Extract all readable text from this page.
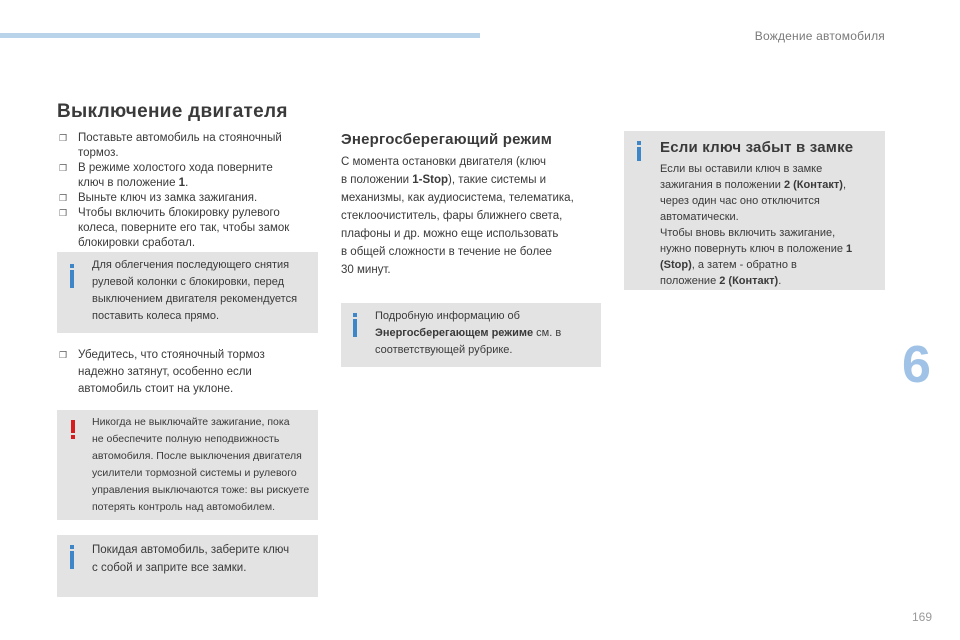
Вождение автомобиля
6
169
Выключение двигателя
❒ Поставьте автомобиль на стояночный
тормоз.
❒ В режиме холостого хода поверните
ключ в положение 1.
❒ Выньте ключ из замка зажигания.
❒ Чтобы включить блокировку рулевого
колеса, поверните его так, чтобы замок
блокировки сработал.
Для облегчения последующего снятия
рулевой колонки с блокировки, перед
выключением двигателя рекомендуется
поставить колеса прямо.
❒ Убедитесь, что стояночный тормоз
надежно затянут, особенно если
автомобиль стоит на уклоне.
Никогда не выключайте зажигание, пока
не обеспечите полную неподвижность
автомобиля. После выключения двигателя
усилители тормозной системы и рулевого
управления выключаются тоже: вы рискуете
потерять контроль над автомобилем.
Покидая автомобиль, заберите ключ
с собой и заприте все замки.
Энергосберегающий режим
С момента остановки двигателя (ключ
в положении 1-Stop), такие системы и
механизмы, как аудиосистема, телематика,
стеклоочиститель, фары ближнего света,
плафоны и др. можно еще использовать
в общей сложности в течение не более
30 минут.
Подробную информацию об
Энергосберегающем режиме см. в
соответствующей рубрике.
Если ключ забыт в замке
Если вы оставили ключ в замке
зажигания в положении 2 (Контакт),
через один час оно отключится
автоматически.
Чтобы вновь включить зажигание,
нужно повернуть ключ в положение 1
(Stop), а затем - обратно в
положение 2 (Контакт).
